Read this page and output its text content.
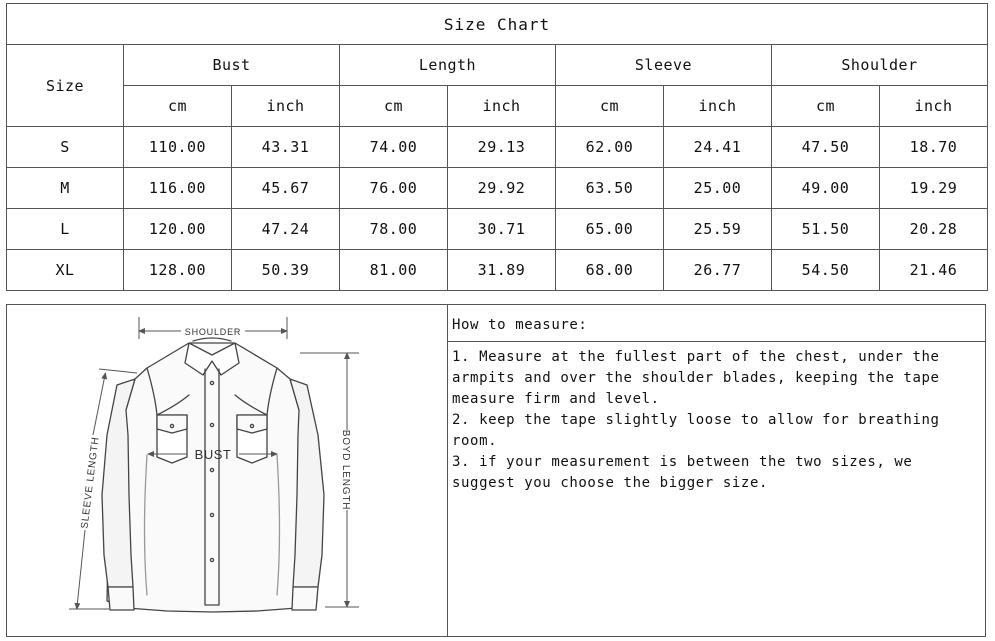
Size Chart								
Size	Bust		Length		Sleeve		Shoulder	
	cm	inch	cm	inch	cm	inch	cm	inch
S	110.00	43.31	74.00	29.13	62.00	24.41	47.50	18.70
M	116.00	45.67	76.00	29.92	63.50	25.00	49.00	19.29
L	120.00	47.24	78.00	30.71	65.00	25.59	51.50	20.28
XL	128.00	50.39	81.00	31.89	68.00	26.77	54.50	21.46
SHOULDER
BUST	BOYD LENGTH
SLEEVE LENGTH
How to measure:

1. Measure at the fullest part of the chest, under the armpits and over the shoulder blades, keeping the tape measure firm and level.

2. keep the tape slightly loose to allow for breathing room.

3. if your measurement is between the two sizes, we suggest you choose the bigger size.
